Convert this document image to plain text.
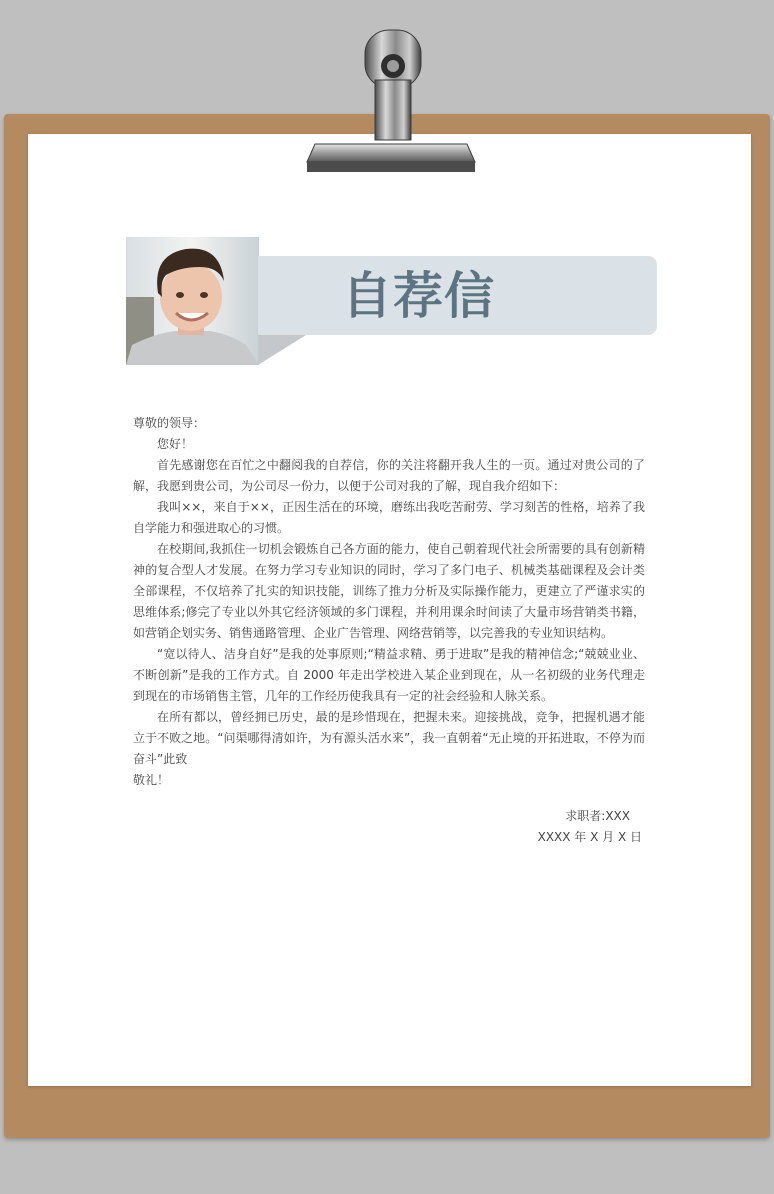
自荐信

尊敬的领导：

您好！

首先感谢您在百忙之中翻阅我的自荐信，你的关注将翻开我人生的一页。通过对贵公司的了解，我愿到贵公司，为公司尽一份力，以便于公司对我的了解，现自我介绍如下：

我叫××，来自于××，正因生活在的环境，磨练出我吃苦耐劳、学习刻苦的性格，培养了我自学能力和强进取心的习惯。

在校期间,我抓住一切机会锻炼自己各方面的能力，使自己朝着现代社会所需要的具有创新精神的复合型人才发展。在努力学习专业知识的同时，学习了多门电子、机械类基础课程及会计类全部课程，不仅培养了扎实的知识技能，训练了推力分析及实际操作能力，更建立了严谨求实的思维体系;修完了专业以外其它经济领域的多门课程，并利用课余时间读了大量市场营销类书籍，如营销企划实务、销售通路管理、企业广告管理、网络营销等，以完善我的专业知识结构。

“宽以待人、洁身自好”是我的处事原则;“精益求精、勇于进取”是我的精神信念;“兢兢业业、不断创新”是我的工作方式。自 2000 年走出学校进入某企业到现在，从一名初级的业务代理走到现在的市场销售主管，几年的工作经历使我具有一定的社会经验和人脉关系。

在所有都以，曾经拥已历史，最的是珍惜现在，把握未来。迎接挑战，竞争，把握机遇才能立于不败之地。“问渠哪得清如许，为有源头活水来”，我一直朝着“无止境的开拓进取，不停为而奋斗”此致

敬礼！

求职者:XXX
XXXX 年 X 月 X 日
